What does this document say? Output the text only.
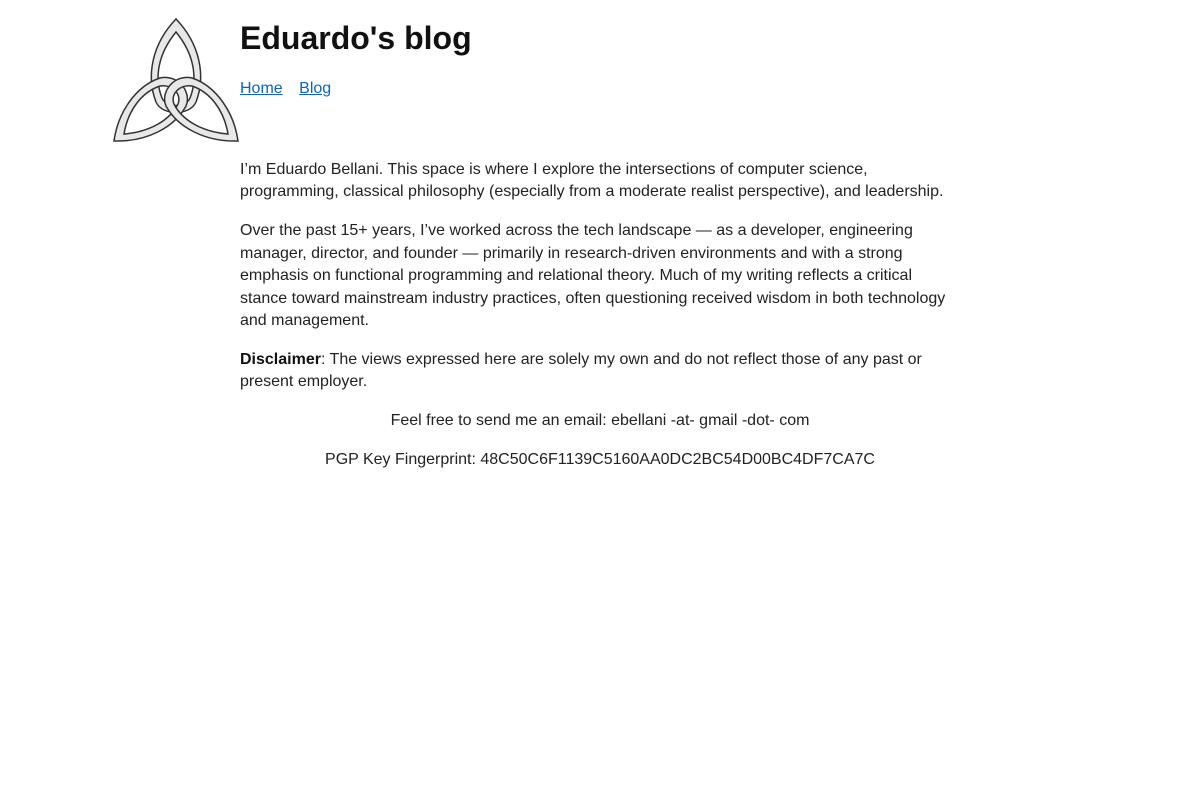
Eduardo's blog
Home Blog

I’m Eduardo Bellani. This space is where I explore the intersections of computer science, programming, classical philosophy (especially from a moderate realist perspective), and leadership.

Over the past 15+ years, I’ve worked across the tech landscape — as a developer, engineering manager, director, and founder — primarily in research-driven environments and with a strong emphasis on functional programming and relational theory. Much of my writing reflects a critical stance toward mainstream industry practices, often questioning received wisdom in both technology and management.

Disclaimer: The views expressed here are solely my own and do not reflect those of any past or present employer.

Feel free to send me an email: ebellani -at- gmail -dot- com

PGP Key Fingerprint: 48C50C6F1139C5160AA0DC2BC54D00BC4DF7CA7C
